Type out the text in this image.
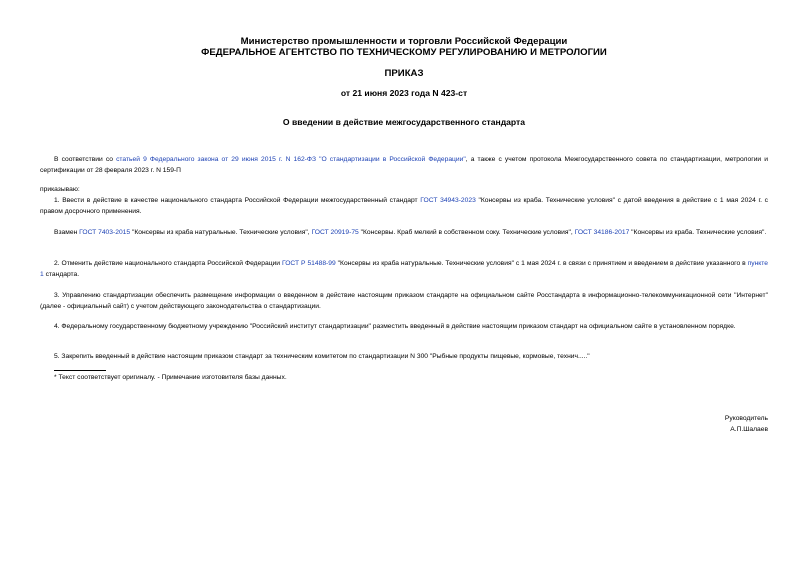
Министерство промышленности и торговли Российской Федерации
ФЕДЕРАЛЬНОЕ АГЕНТСТВО ПО ТЕХНИЧЕСКОМУ РЕГУЛИРОВАНИЮ И МЕТРОЛОГИИ
ПРИКАЗ
от 21 июня 2023 года N 423-ст
О введении в действие межгосударственного стандарта
В соответствии со статьей 9 Федерального закона от 29 июня 2015 г. N 162-ФЗ "О стандартизации в Российской Федерации", а также с учетом протокола Межгосударственного совета по стандартизации, метрологии и сертификации от 28 февраля 2023 г. N 159-П
приказываю:
1. Ввести в действие в качестве национального стандарта Российской Федерации межгосударственный стандарт ГОСТ 34943-2023 "Консервы из краба. Технические условия" с датой введения в действие с 1 мая 2024 г. с правом досрочного применения.
Взамен ГОСТ 7403-2015 "Консервы из краба натуральные. Технические условия", ГОСТ 20919-75 "Консервы. Краб мелкий в собственном соку. Технические условия", ГОСТ 34186-2017 "Консервы из краба. Технические условия".
2. Отменить действие национального стандарта Российской Федерации ГОСТ Р 51488-99 "Консервы из краба натуральные. Технические условия" с 1 мая 2024 г. в связи с принятием и введением в действие указанного в пункте 1 стандарта.
3. Управлению стандартизации обеспечить размещение информации о введенном в действие настоящим приказом стандарте на официальном сайте Росстандарта в информационно-телекоммуникационной сети "Интернет" (далее - официальный сайт) с учетом действующего законодательства о стандартизации.
4. Федеральному государственному бюджетному учреждению "Российский институт стандартизации" разместить введенный в действие настоящим приказом стандарт на официальном сайте в установленном порядке.
5. Закрепить введенный в действие настоящим приказом стандарт за техническим комитетом по стандартизации N 300 "Рыбные продукты пищевые, кормовые, технич....."
* Текст соответствует оригиналу. - Примечание изготовителя базы данных.
Руководитель
А.П.Шалаев
